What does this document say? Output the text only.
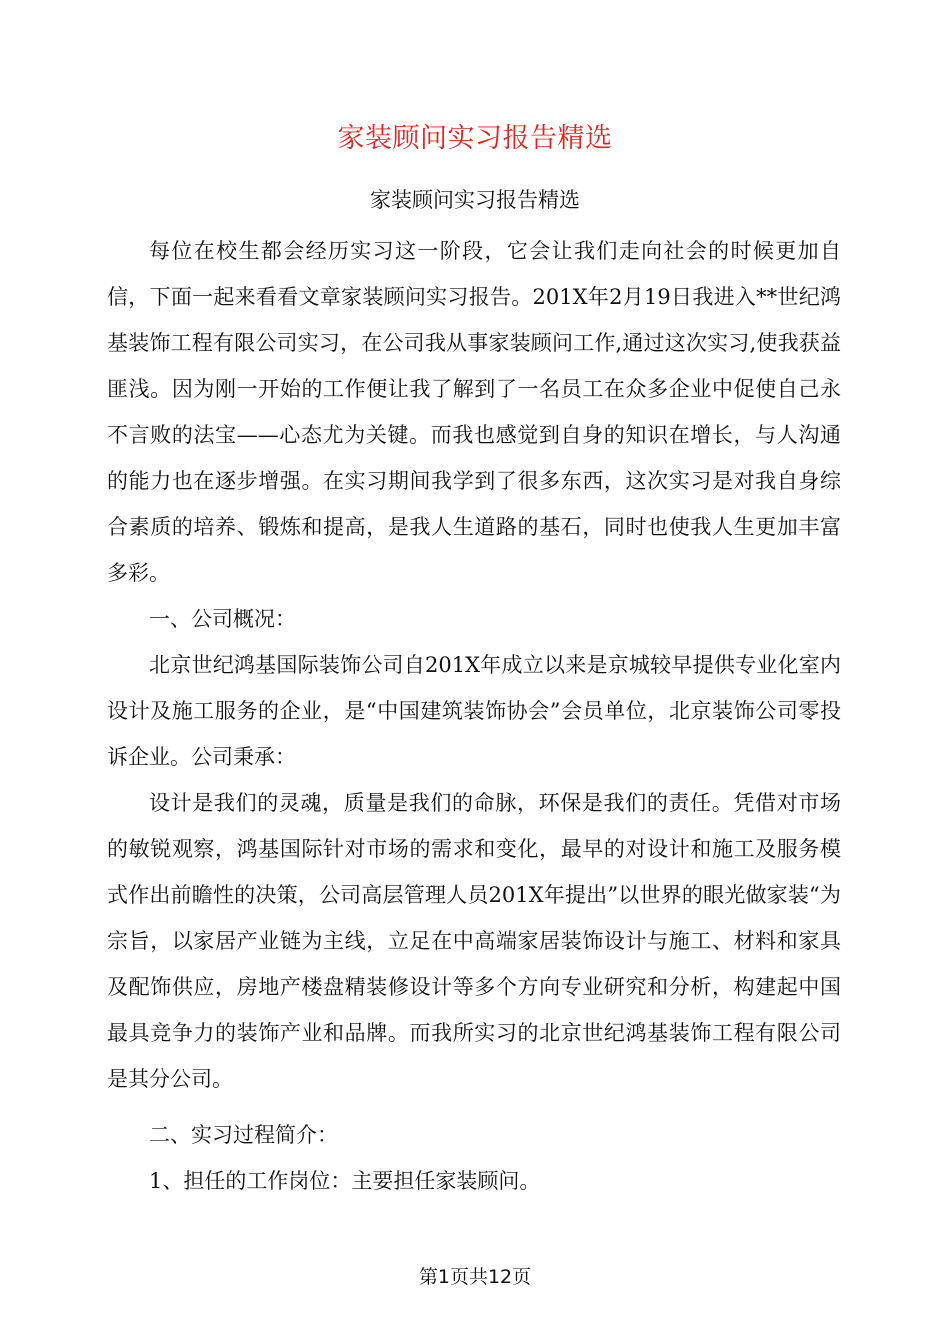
家装顾问实习报告精选
家装顾问实习报告精选

每位在校生都会经历实习这一阶段，它会让我们走向社会的时候更加自信，下面一起来看看文章家装顾问实习报告。201X年2月19日我进入**世纪鸿基装饰工程有限公司实习，在公司我从事家装顾问工作,通过这次实习,使我获益匪浅。因为刚一开始的工作便让我了解到了一名员工在众多企业中促使自己永不言败的法宝——心态尤为关键。而我也感觉到自身的知识在增长，与人沟通的能力也在逐步增强。在实习期间我学到了很多东西，这次实习是对我自身综合素质的培养、锻炼和提高，是我人生道路的基石，同时也使我人生更加丰富多彩。

一、公司概况：

北京世纪鸿基国际装饰公司自201X年成立以来是京城较早提供专业化室内设计及施工服务的企业，是“中国建筑装饰协会”会员单位，北京装饰公司零投诉企业。公司秉承：

设计是我们的灵魂，质量是我们的命脉，环保是我们的责任。凭借对市场的敏锐观察，鸿基国际针对市场的需求和变化，最早的对设计和施工及服务模式作出前瞻性的决策，公司高层管理人员201X年提出”以世界的眼光做家装“为宗旨，以家居产业链为主线，立足在中高端家居装饰设计与施工、材料和家具及配饰供应，房地产楼盘精装修设计等多个方向专业研究和分析，构建起中国最具竞争力的装饰产业和品牌。而我所实习的北京世纪鸿基装饰工程有限公司是其分公司。

二、实习过程简介：

1、担任的工作岗位：主要担任家装顾问。

第1页共12页
